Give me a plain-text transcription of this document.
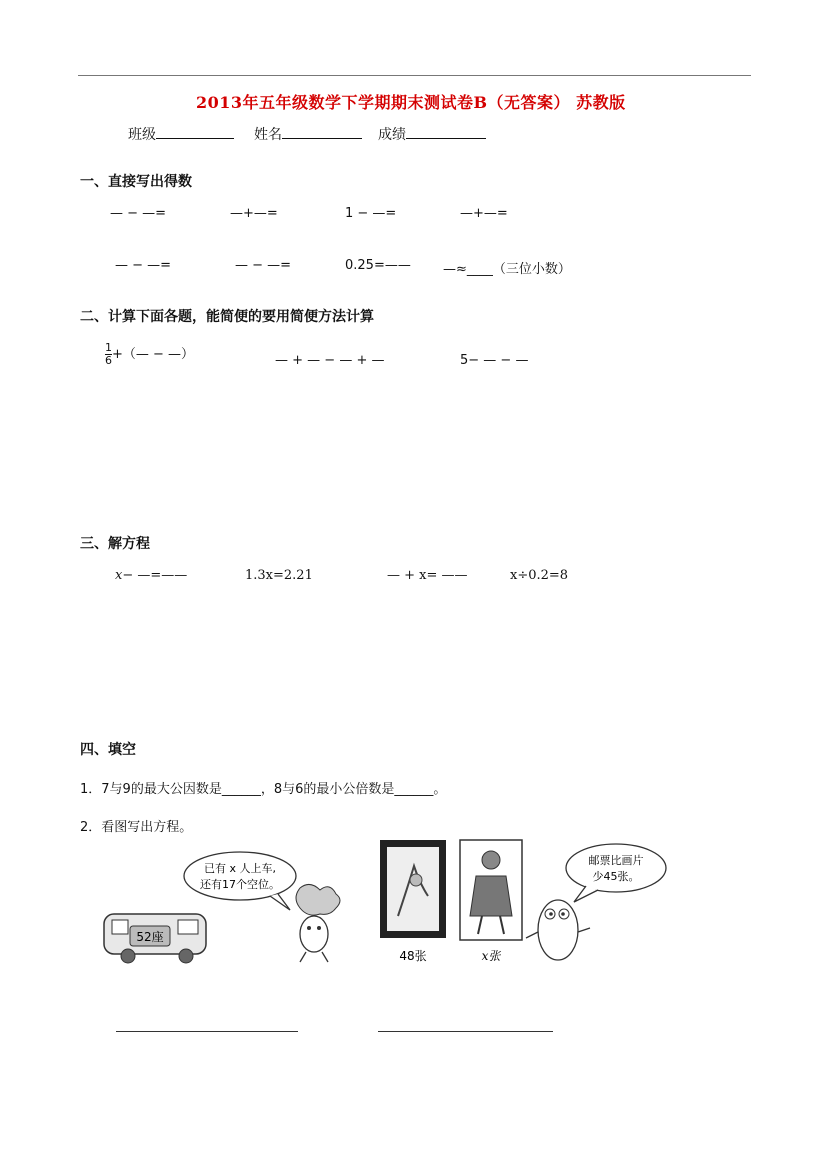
2013年五年级数学下学期期末测试卷B（无答案） 苏教版
班级	姓名	成绩
一、直接写出得数
— − —=	—+—=	1 − —=	—+—=
— − —=	— − —=	0.25=—— —≈____（三位小数）
二、计算下面各题，能简便的要用简便方法计算
$\frac{1}{6}$ +（— − —）	— + — − — + —	5− — − —
三、解方程
x− —=——	1.3x=2.21	— + x= ——	x÷0.2=8
四、填空
1．7与9的最大公因数是______，8与6的最小公倍数是______。
2．看图写出方程。
52座
已有 x 人上车,
还有17个空位。
48张	x张
邮票比画片
少45张。
